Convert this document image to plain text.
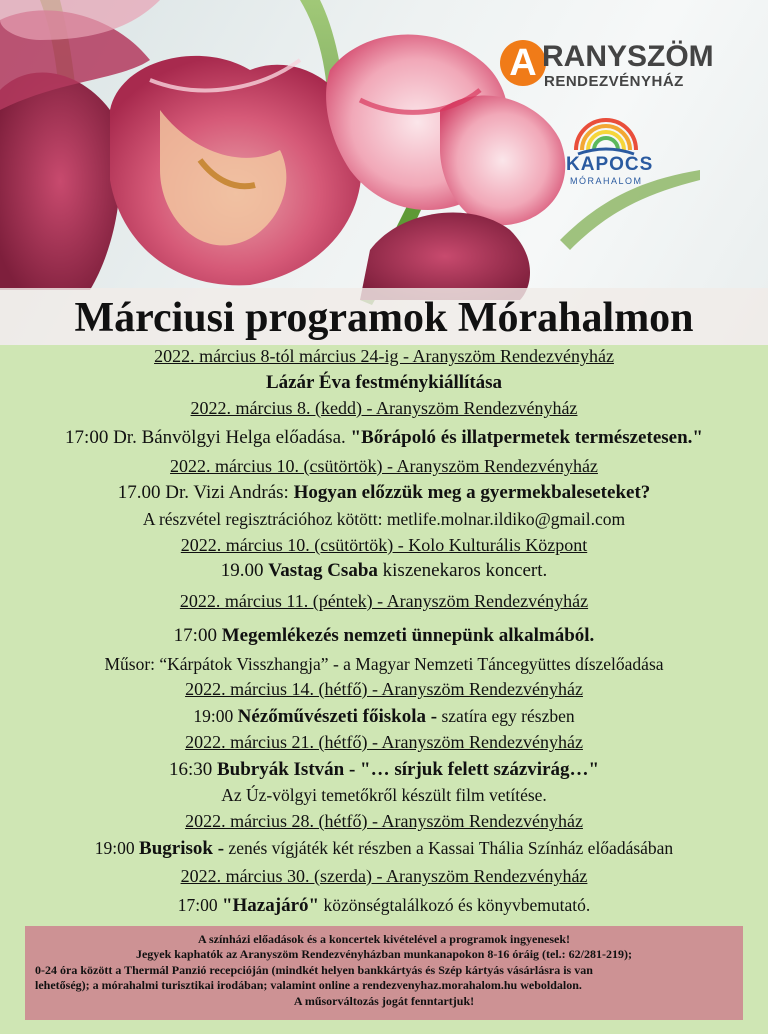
A RANYSZÖM
RENDEZVÉNYHÁZ
KAPOCS
MÓRAHALOM
Márciusi programok Mórahalmon
2022. március 8-tól március 24-ig - Aranyszöm Rendezvényház
Lázár Éva festménykiállítása
2022. március 8. (kedd) - Aranyszöm Rendezvényház
17:00 Dr. Bánvölgyi Helga előadása. "Bőrápoló és illatpermetek természetesen."
2022. március 10. (csütörtök) - Aranyszöm Rendezvényház
17.00 Dr. Vizi András: Hogyan előzzük meg a gyermekbaleseteket?
A részvétel regisztrációhoz kötött: metlife.molnar.ildiko@gmail.com
2022. március 10. (csütörtök) - Kolo Kulturális Központ
19.00 Vastag Csaba kiszenekaros koncert.
2022. március 11. (péntek) - Aranyszöm Rendezvényház
17:00 Megemlékezés nemzeti ünnepünk alkalmából.
Műsor: “Kárpátok Visszhangja” - a Magyar Nemzeti Táncegyüttes díszelőadása
2022. március 14. (hétfő) - Aranyszöm Rendezvényház
19:00 Nézőművészeti főiskola - szatíra egy részben
2022. március 21. (hétfő) - Aranyszöm Rendezvényház
16:30 Bubryák István - "… sírjuk felett százvirág…"
Az Úz-völgyi temetőkről készült film vetítése.
2022. március 28. (hétfő) - Aranyszöm Rendezvényház
19:00 Bugrisok - zenés vígjáték két részben a Kassai Thália Színház előadásában
2022. március 30. (szerda) - Aranyszöm Rendezvényház
17:00 "Hazajáró" közönségtalálkozó és könyvbemutató.
A színházi előadások és a koncertek kivételével a programok ingyenesek!
Jegyek kaphatók az Aranyszöm Rendezvényházban munkanapokon 8-16 óráig (tel.: 62/281-219);
0-24 óra között a Thermál Panzió recepcióján (mindkét helyen bankkártyás és Szép kártyás vásárlásra is van
lehetőség); a mórahalmi turisztikai irodában; valamint online a rendezvenyhaz.morahalom.hu weboldalon.
A műsorváltozás jogát fenntartjuk!
